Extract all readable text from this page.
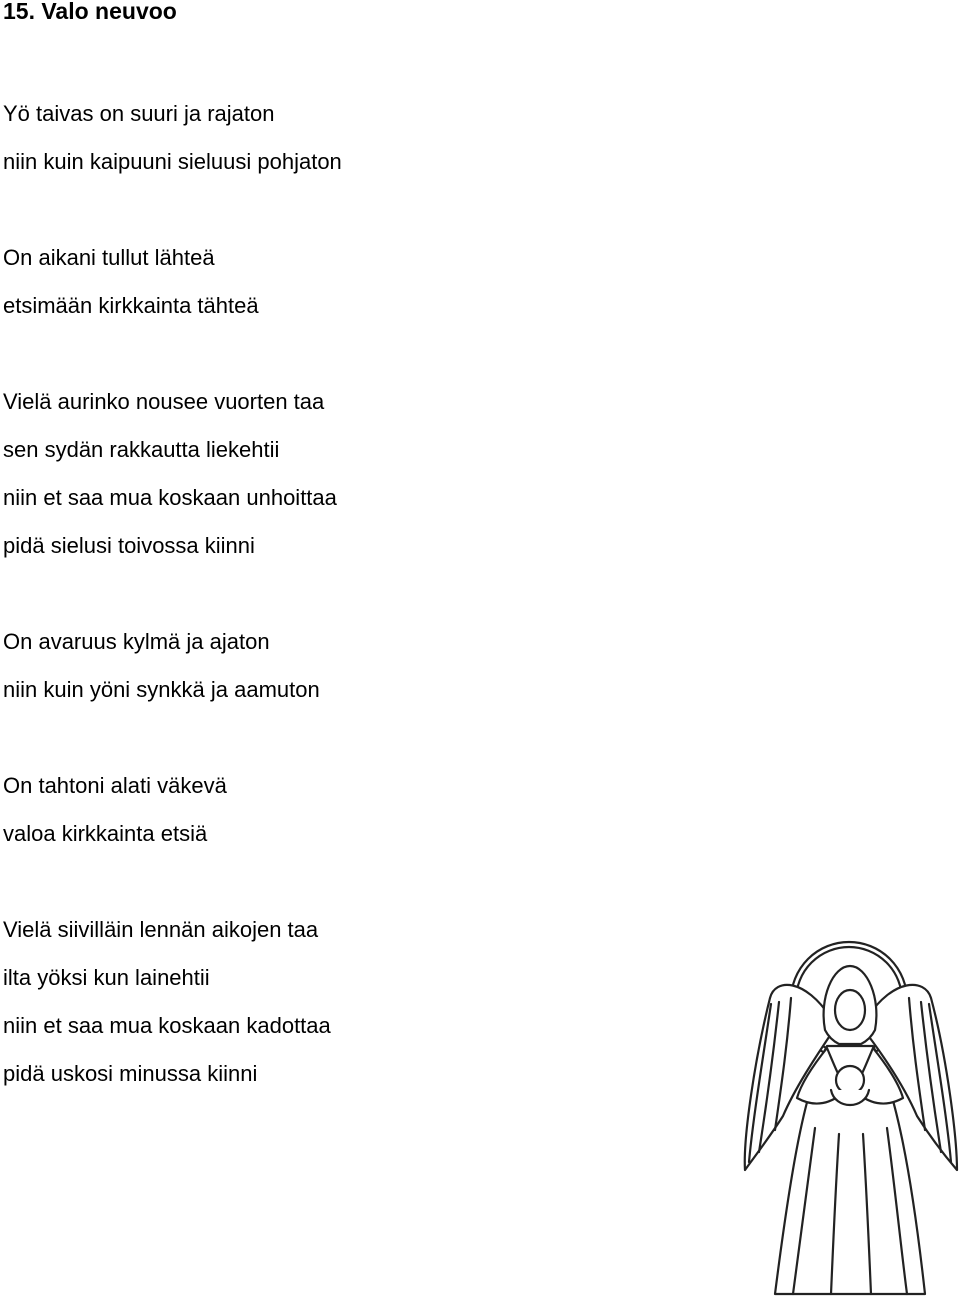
15. Valo neuvoo
Yö taivas on suuri ja rajaton
niin kuin kaipuuni sieluusi pohjaton
On aikani tullut lähteä
etsimään kirkkainta tähteä
Vielä aurinko nousee vuorten taa
sen sydän rakkautta liekehtii
niin et saa mua koskaan unhoittaa
pidä sielusi toivossa kiinni
On avaruus kylmä ja ajaton
niin kuin yöni synkkä ja aamuton
On tahtoni alati väkevä
valoa kirkkainta etsiä
Vielä siivilläin lennän aikojen taa
ilta yöksi kun lainehtii
niin et saa mua koskaan kadottaa
pidä uskosi minussa kiinni
